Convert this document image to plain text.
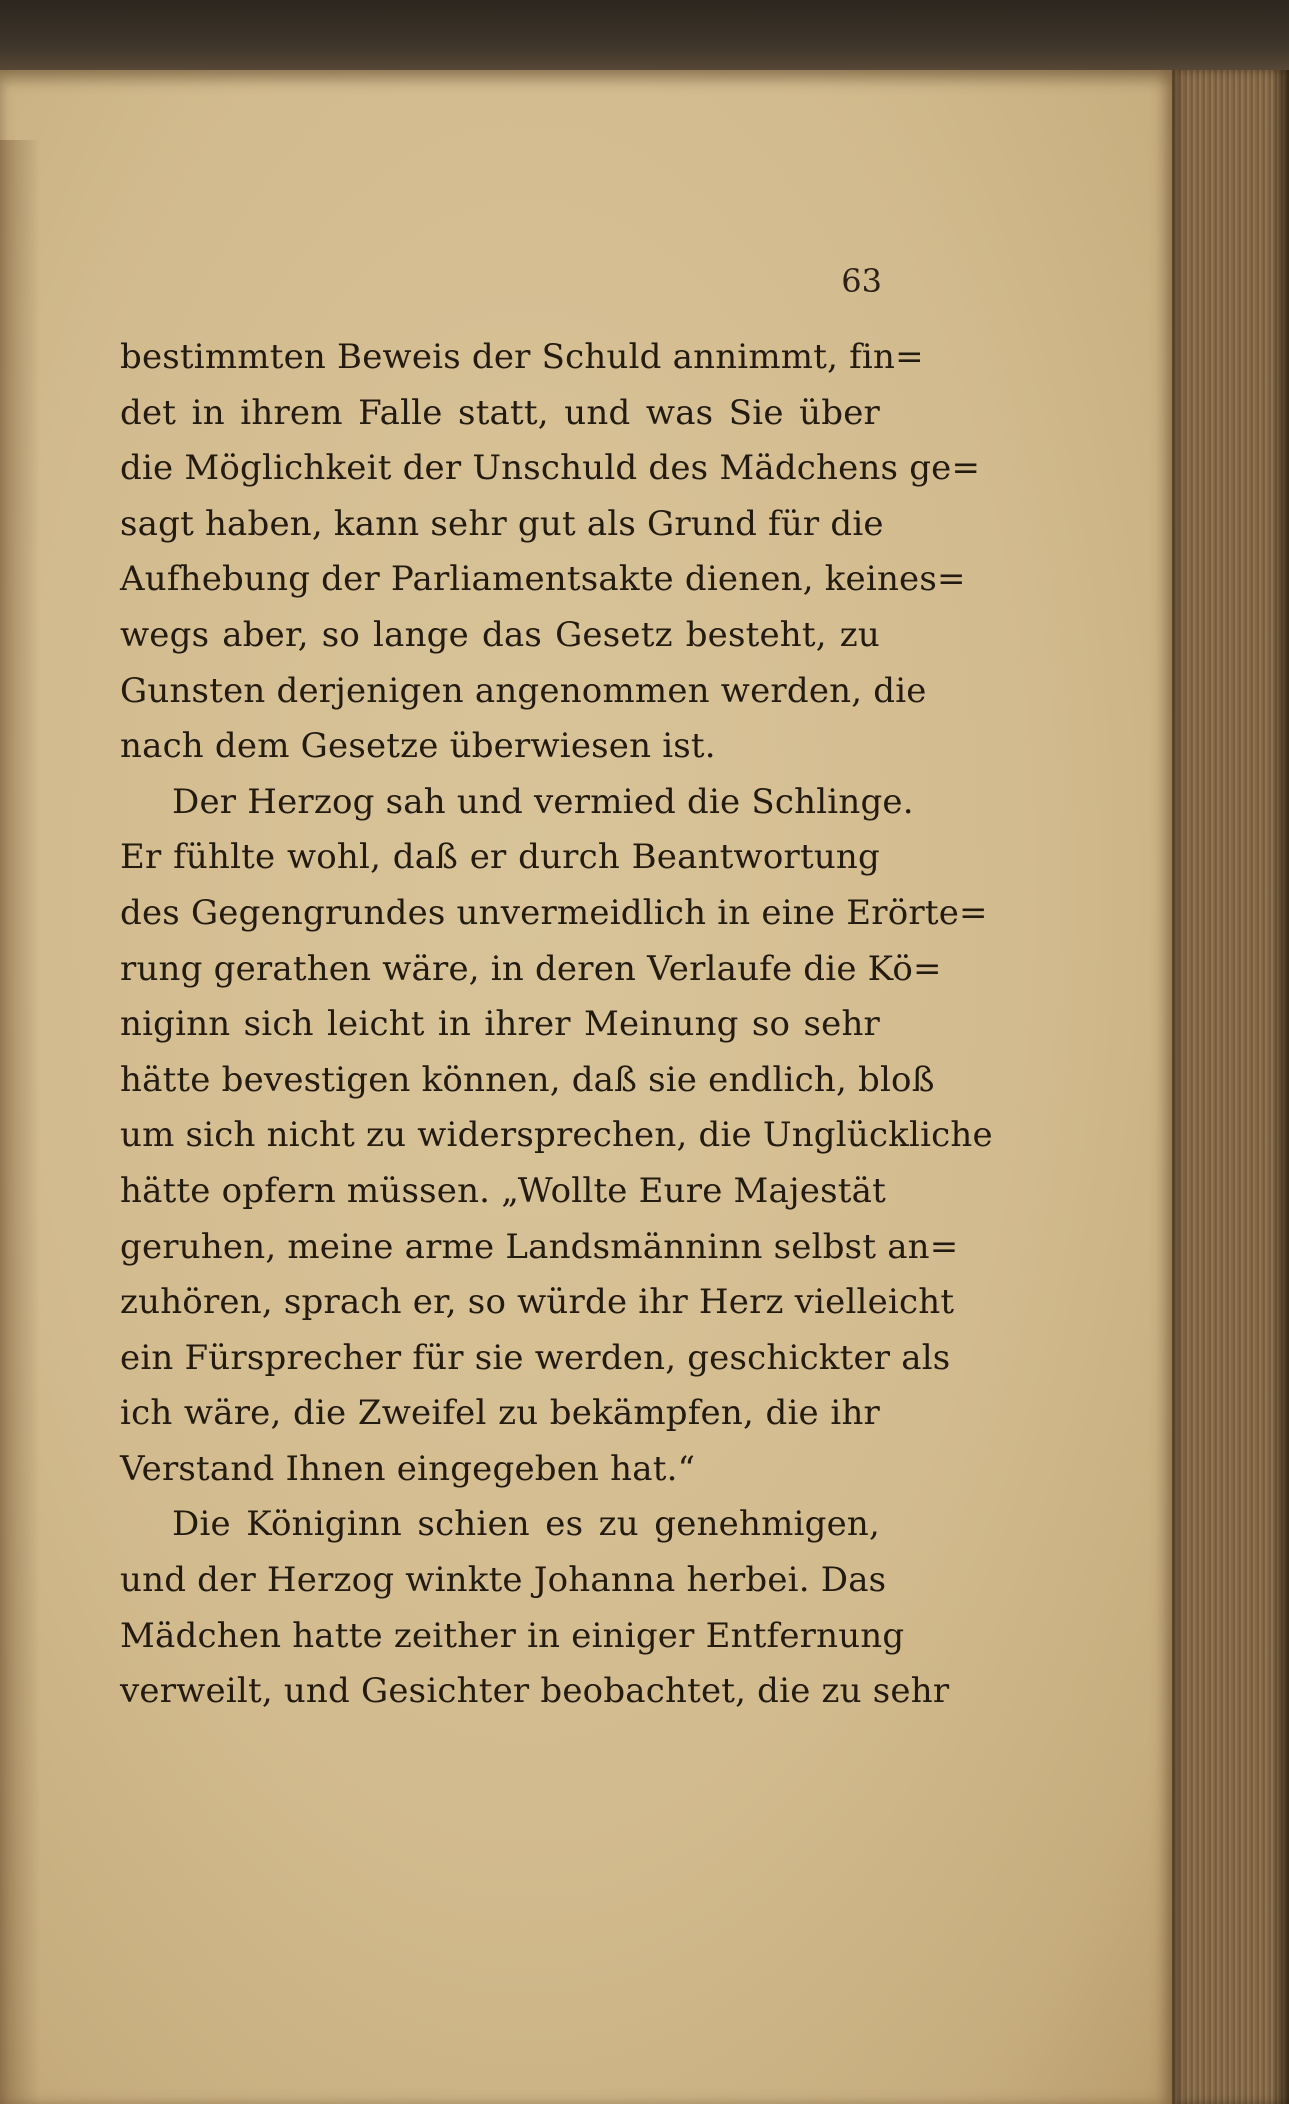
63
bestimmten Beweis der Schuld annimmt, fin=
det in ihrem Falle statt, und was Sie über
die Möglichkeit der Unschuld des Mädchens ge=
sagt haben, kann sehr gut als Grund für die
Aufhebung der Parliamentsakte dienen, keines=
wegs aber, so lange das Gesetz besteht, zu
Gunsten derjenigen angenommen werden, die
nach dem Gesetze überwiesen ist.
Der Herzog sah und vermied die Schlinge.
Er fühlte wohl, daß er durch Beantwortung
des Gegengrundes unvermeidlich in eine Erörte=
rung gerathen wäre, in deren Verlaufe die Kö=
niginn sich leicht in ihrer Meinung so sehr
hätte bevestigen können, daß sie endlich, bloß
um sich nicht zu widersprechen, die Unglückliche
hätte opfern müssen. „Wollte Eure Majestät
geruhen, meine arme Landsmänninn selbst an=
zuhören, sprach er, so würde ihr Herz vielleicht
ein Fürsprecher für sie werden, geschickter als
ich wäre, die Zweifel zu bekämpfen, die ihr
Verstand Ihnen eingegeben hat.“
Die Königinn schien es zu genehmigen,
und der Herzog winkte Johanna herbei. Das
Mädchen hatte zeither in einiger Entfernung
verweilt, und Gesichter beobachtet, die zu sehr
